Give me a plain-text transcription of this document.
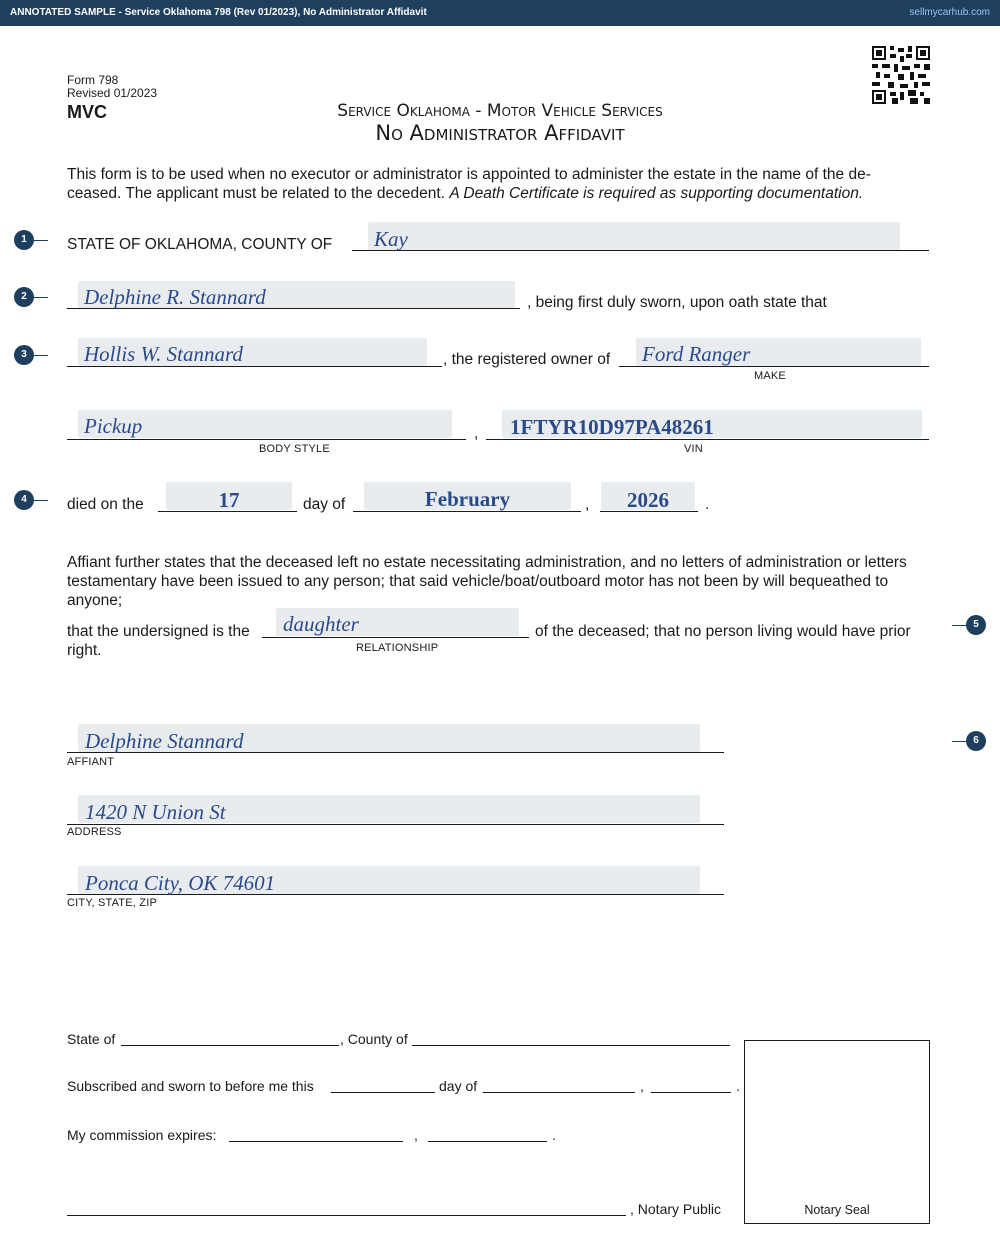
ANNOTATED SAMPLE - Service Oklahoma 798 (Rev 01/2023), No Administrator Affidavit	sellmycarhub.com
Form 798
Revised 01/2023
MVC	Service Oklahoma - Motor Vehicle Services
No Administrator Affidavit
This form is to be used when no executor or administrator is appointed to administer the estate in the name of the de-
ceased. The applicant must be related to the decedent. A Death Certificate is required as supporting documentation.
1	STATE OF OKLAHOMA, COUNTY OF Kay
2	Delphine R. Stannard	, being first duly sworn, upon oath state that
3	Hollis W. Stannard	, the registered owner of Ford Ranger
MAKE
Pickup
BODY STYLE
, 1FTYR10D97PA48261
VIN
4	died on the	17	day of	February	,	2026	.
Affiant further states that the deceased left no estate necessitating administration, and no letters of administration or letters
testamentary have been issued to any person; that said vehicle/boat/outboard motor has not been by will bequeathed to
anyone;
that the undersigned is the daughter
RELATIONSHIP
of the deceased; that no person living would have prior
right.
5
Delphine Stannard
AFFIANT
6
1420 N Union St
ADDRESS
Ponca City, OK 74601
CITY, STATE, ZIP
State of	, County of
Subscribed and sworn to before me this	day of	,	.
My commission expires:	,	.
, Notary Public	Notary Seal
